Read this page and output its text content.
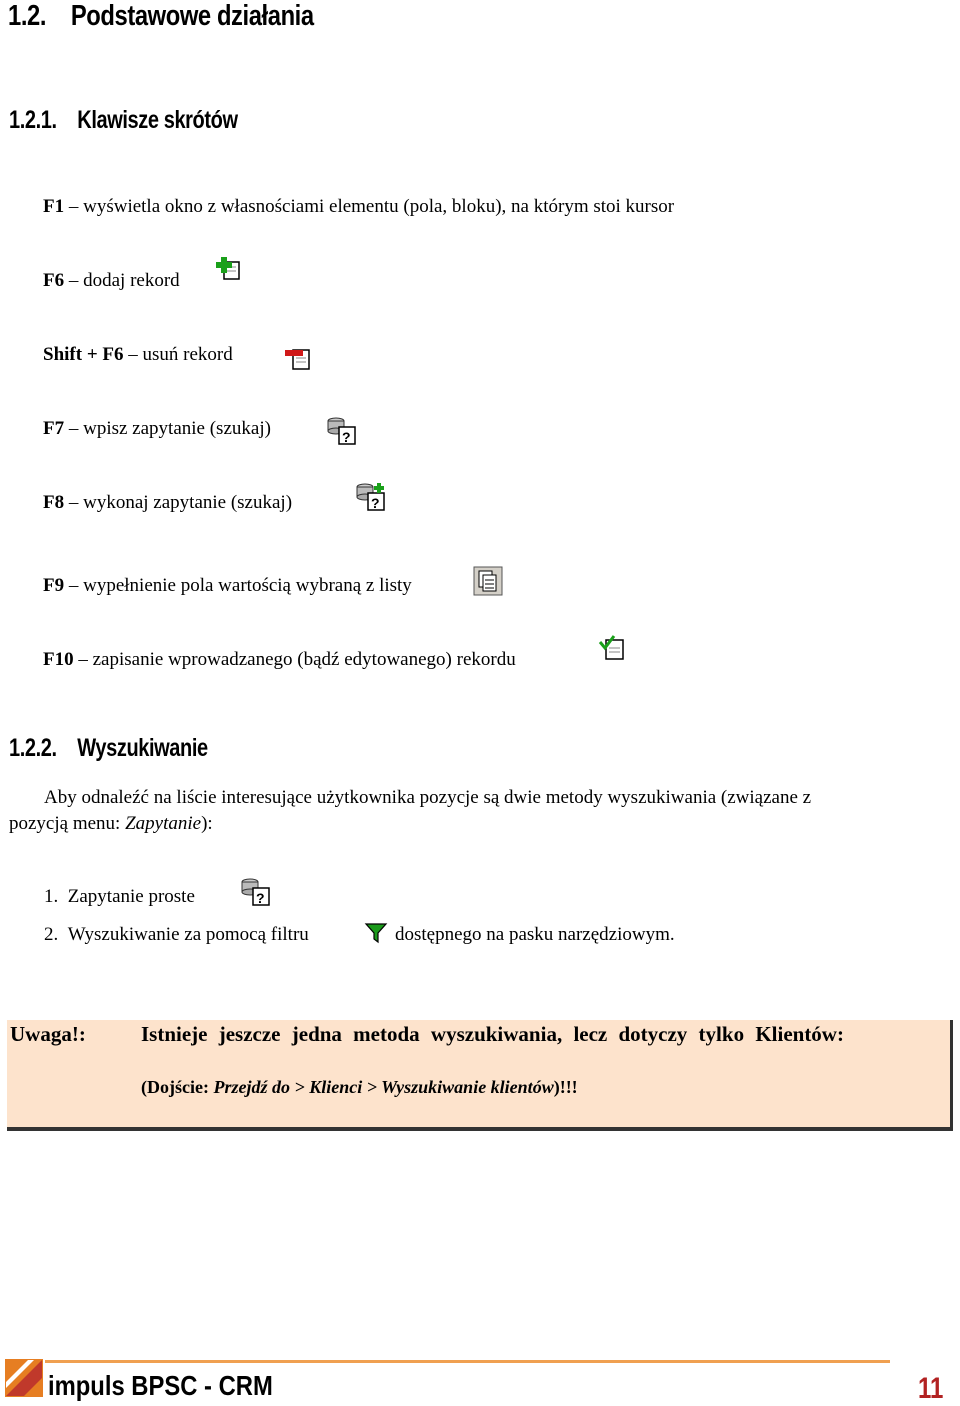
1.2. Podstawowe działania
1.2.1. Klawisze skrótów
F1 – wyświetla okno z własnościami elementu (pola, bloku), na którym stoi kursor
F6 – dodaj rekord
Shift + F6 – usuń rekord
F7 – wpisz zapytanie (szukaj)	?
F8 – wykonaj zapytanie (szukaj)	?
F9 – wypełnienie pola wartością wybraną z listy
F10 – zapisanie wprowadzanego (bądź edytowanego) rekordu
1.2.2. Wyszukiwanie
Aby odnaleźć na liście interesujące użytkownika pozycje są dwie metody wyszukiwania (związane z
pozycją menu: Zapytanie):
1. Zapytanie proste	?
2. Wyszukiwanie za pomocą filtru	dostępnego na pasku narzędziowym.
Uwaga!:	Istnieje jeszcze jedna metoda wyszukiwania, lecz dotyczy tylko Klientów:
(Dojście: Przejdź do > Klienci > Wyszukiwanie klientów)!!!
impuls BPSC - CRM	11
